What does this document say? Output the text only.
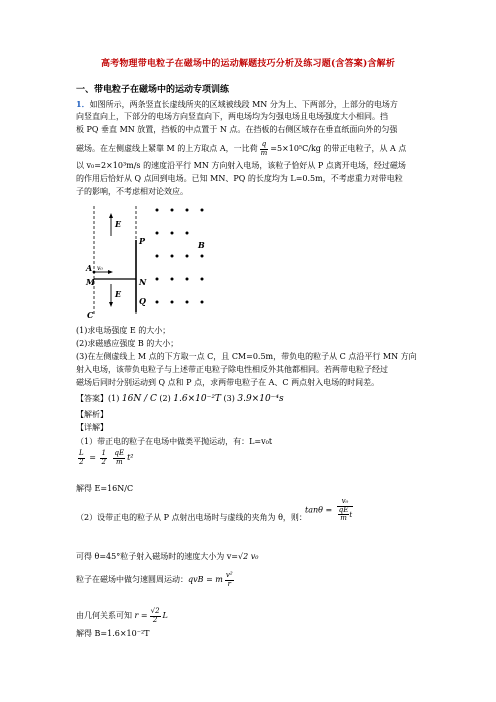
高考物理带电粒子在磁场中的运动解题技巧分析及练习题(含答案)含解析
一、带电粒子在磁场中的运动专项训练
1．如图所示，两条竖直长虚线所夹的区域被线段 MN 分为上、下两部分，上部分的电场方
向竖直向上，下部分的电场方向竖直向下，两电场均为匀强电场且电场强度大小相同。挡
板 PQ 垂直 MN 放置，挡板的中点置于 N 点。在挡板的右侧区域存在垂直纸面向外的匀强
磁场。在左侧虚线上紧靠 M 的上方取点 A，一比荷 $\frac{q}{m} =5\times 10^5C/kg$ 的带正电粒子，从 A 点
以 v₀=2×10³m/s 的速度沿平行 MN 方向射入电场，该粒子恰好从 P 点离开电场，经过磁场
的作用后恰好从 Q 点回到电场。已知 MN、PQ 的长度均为 L=0.5m，不考虑重力对带电粒
子的影响，不考虑相对论效应。
E
P	B
A v₀
M	N
E
Q
C
(1)求电场强度 E 的大小；
(2)求磁感应强度 B 的大小；
(3)在左侧虚线上 M 点的下方取一点 C，且 CM=0.5m，带负电的粒子从 C 点沿平行 MN 方向
射入电场，该带负电粒子与上述带正电粒子除电性相反外其他都相同。若两带电粒子经过
磁场后同时分别运动到 Q 点和 P 点，求两带电粒子在 A、C 两点射入电场的时间差。
【答案】(1) 16N / C (2) 1.6×10⁻²T (3) 3.9×10⁻⁴s
【解析】
【详解】
（1）带正电的粒子在电场中做类平抛运动，有：L=v₀t
$\frac{L}{2} = \frac{1}{2}$
$\frac{qE}{m} t^2$
解得 E=16N/C
（2）设带正电的粒子从 P 点射出电场时与虚线的夹角为 θ，则：
$\tan\theta = \frac{\text{v₀}}{\frac{qE}{m} t}$
可得 θ=45°粒子射入磁场时的速度大小为 v=√2 v₀
粒子在磁场中做匀速圆周运动：qvB = m $\frac{\text{v²}}{r}$
由几何关系可知 $r = \frac{√2}{2}$ L
解得 B=1.6×10⁻²T
